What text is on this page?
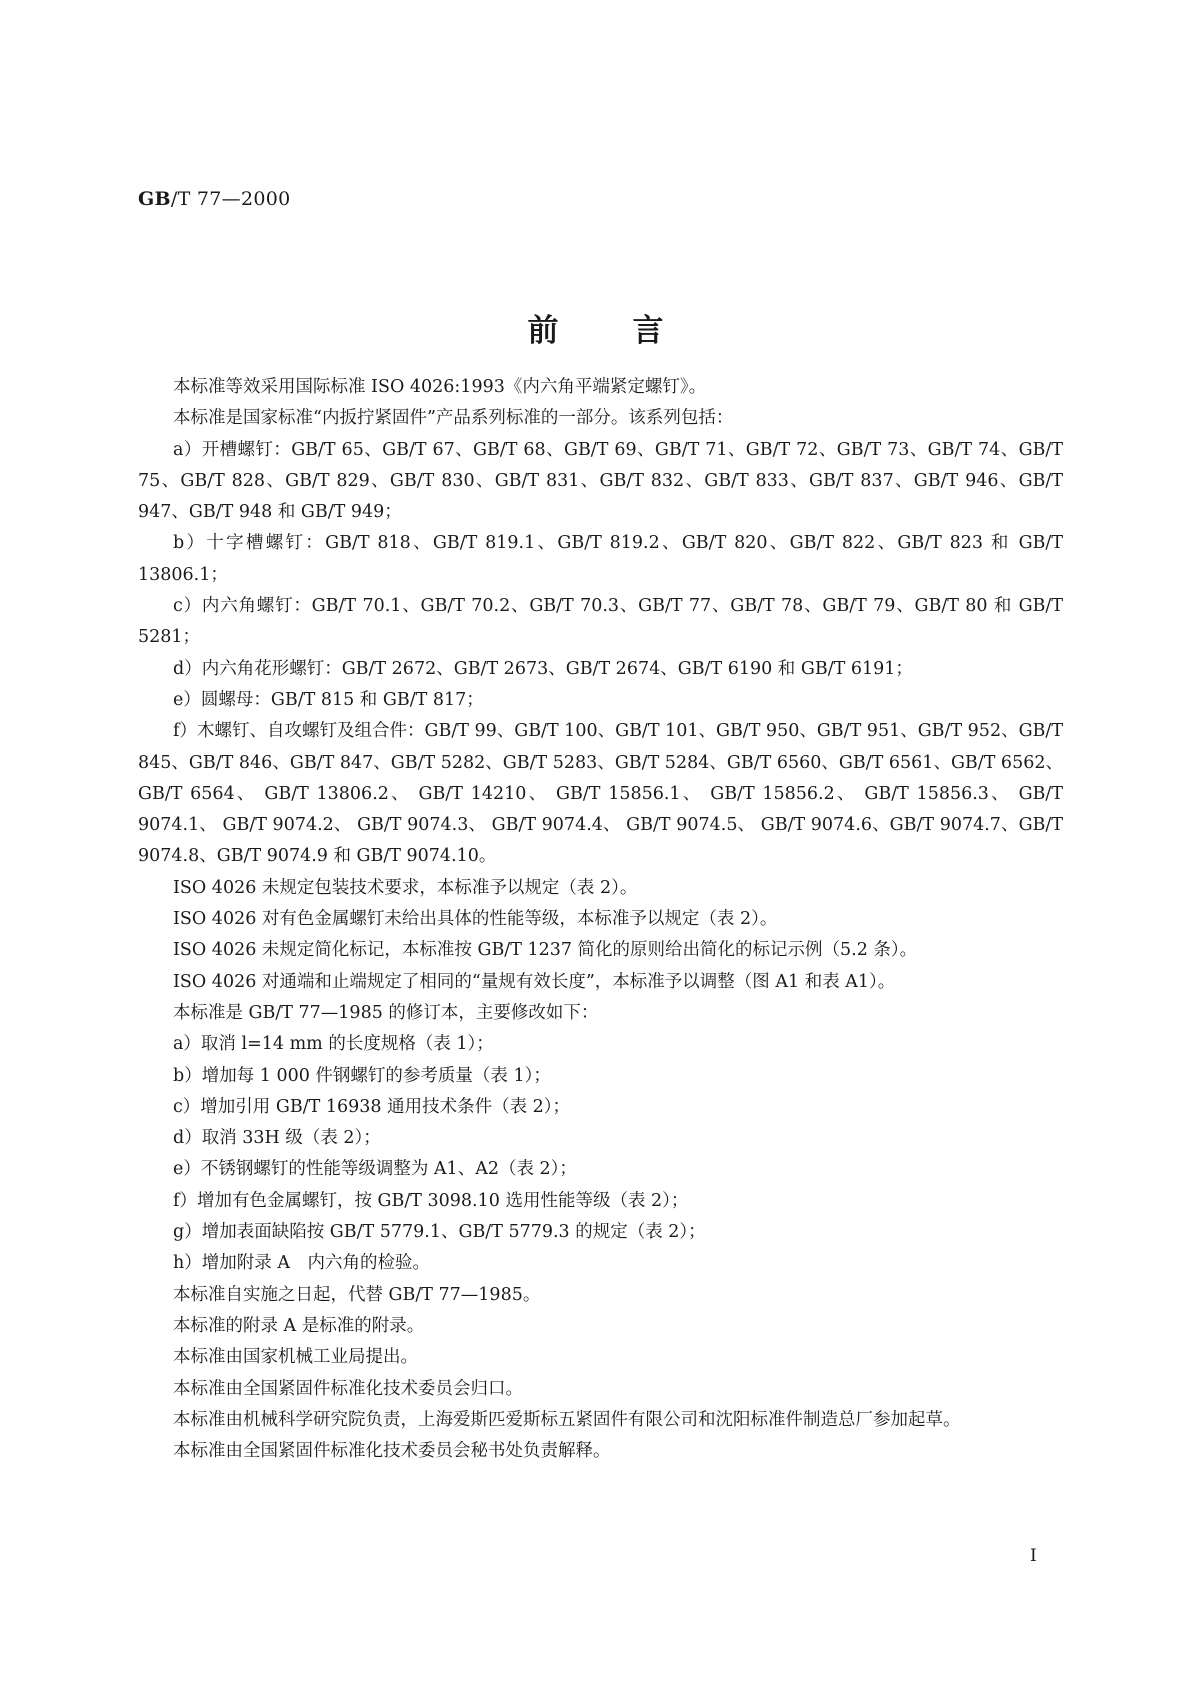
GB/T 77—2000
前言

本标准等效采用国际标准 ISO 4026:1993《内六角平端紧定螺钉》。

本标准是国家标准“内扳拧紧固件”产品系列标准的一部分。该系列包括：

a）开槽螺钉：GB/T 65、GB/T 67、GB/T 68、GB/T 69、GB/T 71、GB/T 72、GB/T 73、GB/T 74、GB/T 75、GB/T 828、GB/T 829、GB/T 830、GB/T 831、GB/T 832、GB/T 833、GB/T 837、GB/T 946、GB/T 947、GB/T 948 和 GB/T 949；

b）十字槽螺钉：GB/T 818、GB/T 819.1、GB/T 819.2、GB/T 820、GB/T 822、GB/T 823 和 GB/T 13806.1；

c）内六角螺钉：GB/T 70.1、GB/T 70.2、GB/T 70.3、GB/T 77、GB/T 78、GB/T 79、GB/T 80 和 GB/T 5281；

d）内六角花形螺钉：GB/T 2672、GB/T 2673、GB/T 2674、GB/T 6190 和 GB/T 6191；

e）圆螺母：GB/T 815 和 GB/T 817；

f）木螺钉、自攻螺钉及组合件：GB/T 99、GB/T 100、GB/T 101、GB/T 950、GB/T 951、GB/T 952、GB/T 845、GB/T 846、GB/T 847、GB/T 5282、GB/T 5283、GB/T 5284、GB/T 6560、GB/T 6561、GB/T 6562、 GB/T 6564、 GB/T 13806.2、 GB/T 14210、 GB/T 15856.1、 GB/T 15856.2、 GB/T 15856.3、 GB/T 9074.1、 GB/T 9074.2、 GB/T 9074.3、 GB/T 9074.4、 GB/T 9074.5、 GB/T 9074.6、GB/T 9074.7、GB/T 9074.8、GB/T 9074.9 和 GB/T 9074.10。

ISO 4026 未规定包装技术要求，本标准予以规定（表 2）。

ISO 4026 对有色金属螺钉未给出具体的性能等级，本标准予以规定（表 2）。

ISO 4026 未规定简化标记，本标准按 GB/T 1237 简化的原则给出简化的标记示例（5.2 条）。

ISO 4026 对通端和止端规定了相同的“量规有效长度”，本标准予以调整（图 A1 和表 A1）。

本标准是 GB/T 77—1985 的修订本，主要修改如下：

a）取消 l=14 mm 的长度规格（表 1）；

b）增加每 1 000 件钢螺钉的参考质量（表 1）；

c）增加引用 GB/T 16938 通用技术条件（表 2）；

d）取消 33H 级（表 2）；

e）不锈钢螺钉的性能等级调整为 A1、A2（表 2）；

f）增加有色金属螺钉，按 GB/T 3098.10 选用性能等级（表 2）；

g）增加表面缺陷按 GB/T 5779.1、GB/T 5779.3 的规定（表 2）；

h）增加附录 A　内六角的检验。

本标准自实施之日起，代替 GB/T 77—1985。

本标准的附录 A 是标准的附录。

本标准由国家机械工业局提出。

本标准由全国紧固件标准化技术委员会归口。

本标准由机械科学研究院负责，上海爱斯匹爱斯标五紧固件有限公司和沈阳标准件制造总厂参加起草。

本标准由全国紧固件标准化技术委员会秘书处负责解释。

I
